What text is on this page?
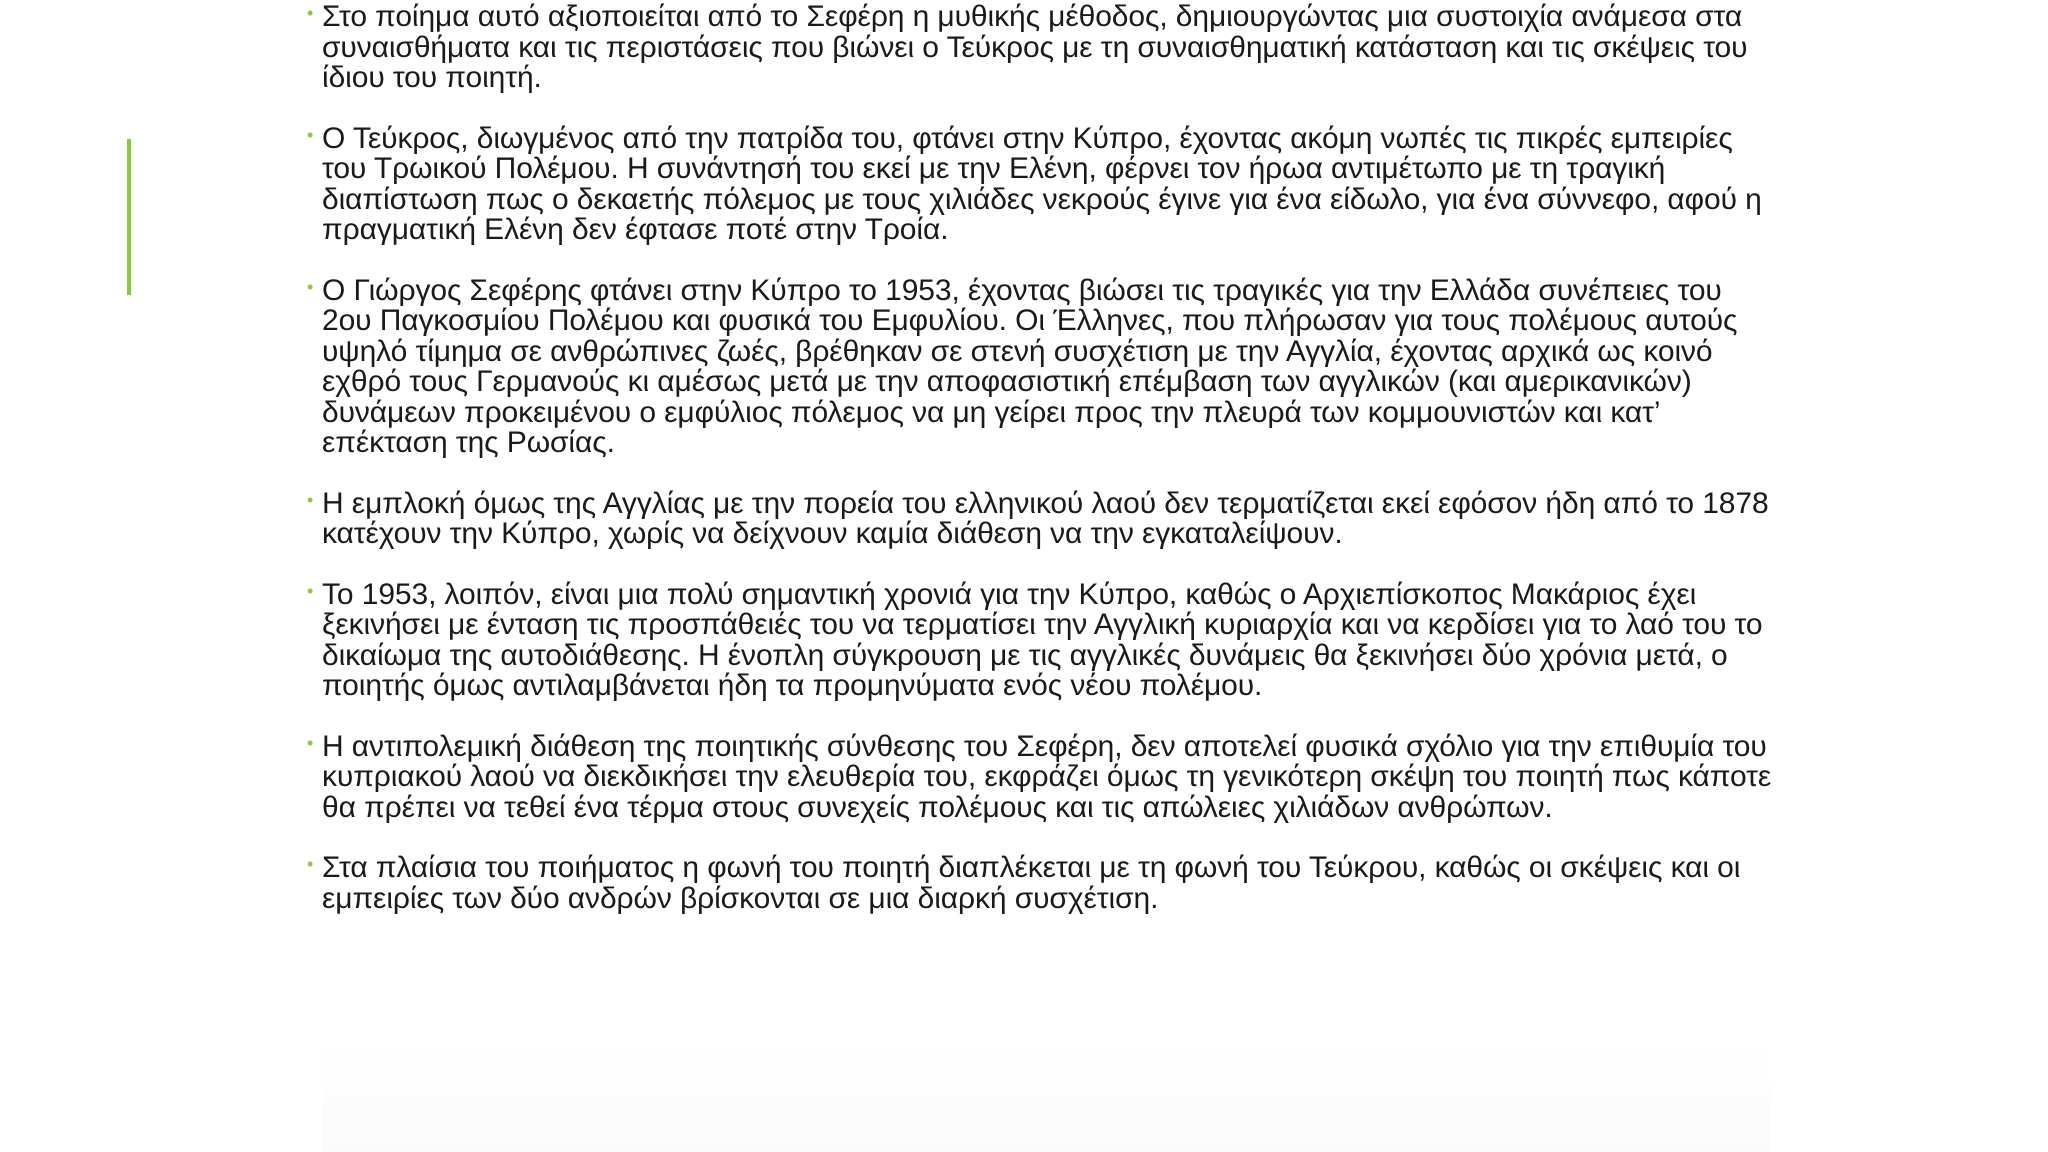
• Στο ποίημα αυτό αξιοποιείται από το Σεφέρη η μυθικής μέθοδος, δημιουργώντας μια συστοιχία ανάμεσα στα συναισθήματα και τις περιστάσεις που βιώνει ο Τεύκρος με τη συναισθηματική κατάσταση και τις σκέψεις του ίδιου του ποιητή.
• Ο Τεύκρος, διωγμένος από την πατρίδα του, φτάνει στην Κύπρο, έχοντας ακόμη νωπές τις πικρές εμπειρίες του Τρωικού Πολέμου. Η συνάντησή του εκεί με την Ελένη, φέρνει τον ήρωα αντιμέτωπο με τη τραγική διαπίστωση πως ο δεκαετής πόλεμος με τους χιλιάδες νεκρούς έγινε για ένα είδωλο, για ένα σύννεφο, αφού η πραγματική Ελένη δεν έφτασε ποτέ στην Τροία.
• Ο Γιώργος Σεφέρης φτάνει στην Κύπρο το 1953, έχοντας βιώσει τις τραγικές για την Ελλάδα συνέπειες του 2ου Παγκοσμίου Πολέμου και φυσικά του Εμφυλίου. Οι Έλληνες, που πλήρωσαν για τους πολέμους αυτούς υψηλό τίμημα σε ανθρώπινες ζωές, βρέθηκαν σε στενή συσχέτιση με την Αγγλία, έχοντας αρχικά ως κοινό εχθρό τους Γερμανούς κι αμέσως μετά με την αποφασιστική επέμβαση των αγγλικών (και αμερικανικών) δυνάμεων προκειμένου ο εμφύλιος πόλεμος να μη γείρει προς την πλευρά των κομμουνιστών και κατ’ επέκταση της Ρωσίας.
• Η εμπλοκή όμως της Αγγλίας με την πορεία του ελληνικού λαού δεν τερματίζεται εκεί εφόσον ήδη από το 1878 κατέχουν την Κύπρο, χωρίς να δείχνουν καμία διάθεση να την εγκαταλείψουν.
• Το 1953, λοιπόν, είναι μια πολύ σημαντική χρονιά για την Κύπρο, καθώς ο Αρχιεπίσκοπος Μακάριος έχει ξεκινήσει με ένταση τις προσπάθειές του να τερματίσει την Αγγλική κυριαρχία και να κερδίσει για το λαό του το δικαίωμα της αυτοδιάθεσης. Η ένοπλη σύγκρουση με τις αγγλικές δυνάμεις θα ξεκινήσει δύο χρόνια μετά, ο ποιητής όμως αντιλαμβάνεται ήδη τα προμηνύματα ενός νέου πολέμου.
• Η αντιπολεμική διάθεση της ποιητικής σύνθεσης του Σεφέρη, δεν αποτελεί φυσικά σχόλιο για την επιθυμία του κυπριακού λαού να διεκδικήσει την ελευθερία του, εκφράζει όμως τη γενικότερη σκέψη του ποιητή πως κάποτε θα πρέπει να τεθεί ένα τέρμα στους συνεχείς πολέμους και τις απώλειες χιλιάδων ανθρώπων.
• Στα πλαίσια του ποιήματος η φωνή του ποιητή διαπλέκεται με τη φωνή του Τεύκρου, καθώς οι σκέψεις και οι εμπειρίες των δύο ανδρών βρίσκονται σε μια διαρκή συσχέτιση.
